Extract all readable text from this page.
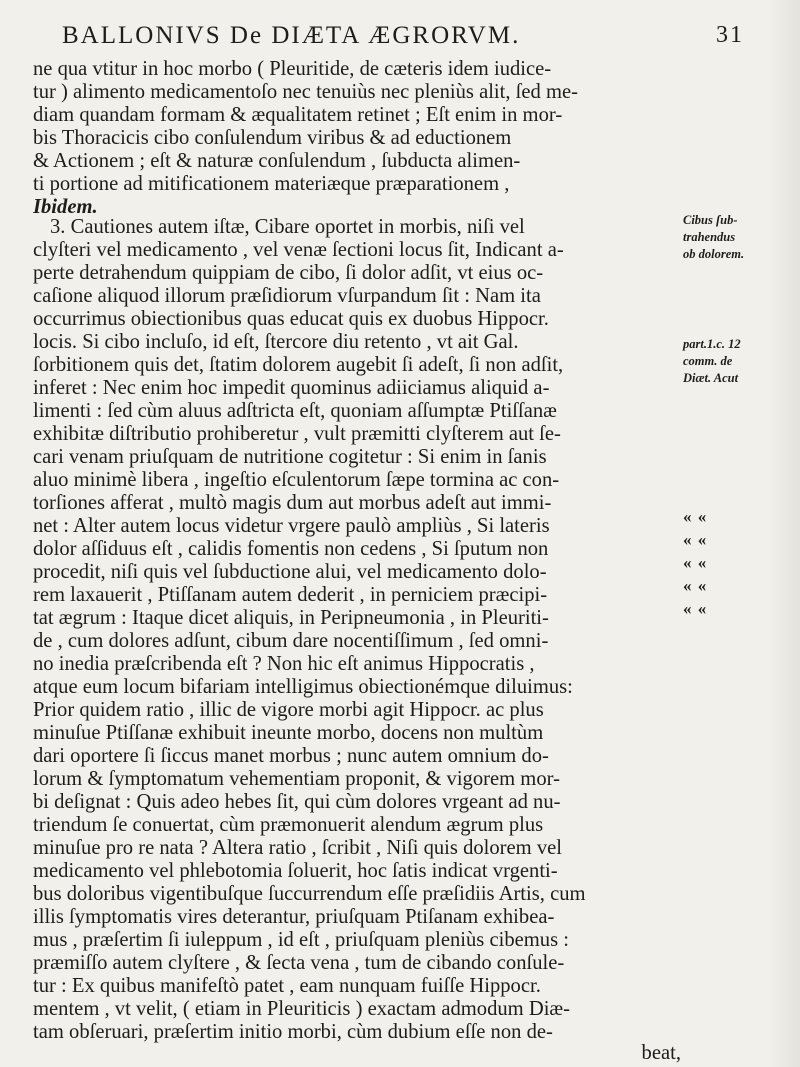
BALLONIVS De DIÆTA ÆGRORVM.	31
ne qua vtitur in hoc morbo ( Pleuritide, de cæteris idem iudice-
tur ) alimento medicamentoſo nec tenuiùs nec pleniùs alit, ſed me-
diam quandam formam & æqualitatem retinet ; Eſt enim in mor-
bis Thoracicis cibo conſulendum viribus & ad eductionem
& Actionem ; eſt & naturæ conſulendum , ſubducta alimen-
ti portione ad mitificationem materiæque præparationem ,
Ibidem.
3. Cautiones autem iſtæ, Cibare oportet in morbis, niſi vel
clyſteri vel medicamento , vel venæ ſectioni locus ſit, Indicant a-
perte detrahendum quippiam de cibo, ſi dolor adſit, vt eius oc-
caſione aliquod illorum præſidiorum vſurpandum ſit : Nam ita
occurrimus obiectionibus quas educat quis ex duobus Hippocr.
locis. Si cibo incluſo, id eſt, ſtercore diu retento , vt ait Gal.
ſorbitionem quis det, ſtatim dolorem augebit ſi adeſt, ſi non adſit,
inferet : Nec enim hoc impedit quominus adiiciamus aliquid a-
limenti : ſed cùm aluus adſtricta eſt, quoniam aſſumptæ Ptiſſanæ
exhibitæ diſtributio prohiberetur , vult præmitti clyſterem aut ſe-
cari venam priuſquam de nutritione cogitetur : Si enim in ſanis
aluo minimè libera , ingeſtio eſculentorum ſæpe tormina ac con-
torſiones afferat , multò magis dum aut morbus adeſt aut immi-
net : Alter autem locus videtur vrgere paulò ampliùs , Si lateris
dolor aſſiduus eſt , calidis fomentis non cedens , Si ſputum non
procedit, niſi quis vel ſubductione alui, vel medicamento dolo-
rem laxauerit , Ptiſſanam autem dederit , in perniciem præcipi-
tat ægrum : Itaque dicet aliquis, in Peripneumonia , in Pleuriti-
de , cum dolores adſunt, cibum dare nocentiſſimum , ſed omni-
no inedia præſcribenda eſt ? Non hic eſt animus Hippocratis ,
atque eum locum bifariam intelligimus obiectionémque diluimus:
Prior quidem ratio , illic de vigore morbi agit Hippocr. ac plus
minuſue Ptiſſanæ exhibuit ineunte morbo, docens non multùm
dari oportere ſi ſiccus manet morbus ; nunc autem omnium do-
lorum & ſymptomatum vehementiam proponit, & vigorem mor-
bi deſignat : Quis adeo hebes ſit, qui cùm dolores vrgeant ad nu-
triendum ſe conuertat, cùm præmonuerit alendum ægrum plus
minuſue pro re nata ? Altera ratio , ſcribit , Niſi quis dolorem vel
medicamento vel phlebotomia ſoluerit, hoc ſatis indicat vrgenti-
bus doloribus vigentibuſque ſuccurrendum eſſe præſidiis Artis, cum
illis ſymptomatis vires deterantur, priuſquam Ptiſanam exhibea-
mus , præſertim ſi iuleppum , id eſt , priuſquam pleniùs cibemus :
præmiſſo autem clyſtere , & ſecta vena , tum de cibando conſule-
tur : Ex quibus manifeſtò patet , eam nunquam fuiſſe Hippocr.
mentem , vt velit, ( etiam in Pleuriticis ) exactam admodum Diæ-
tam obſeruari, præſertim initio morbi, cùm dubium eſſe non de-
beat,
Cibus ſub-
trahendus
ob dolorem.
part.1.c. 12
comm. de
Diæt. Acut
« «
« «
« «
« «
« «
